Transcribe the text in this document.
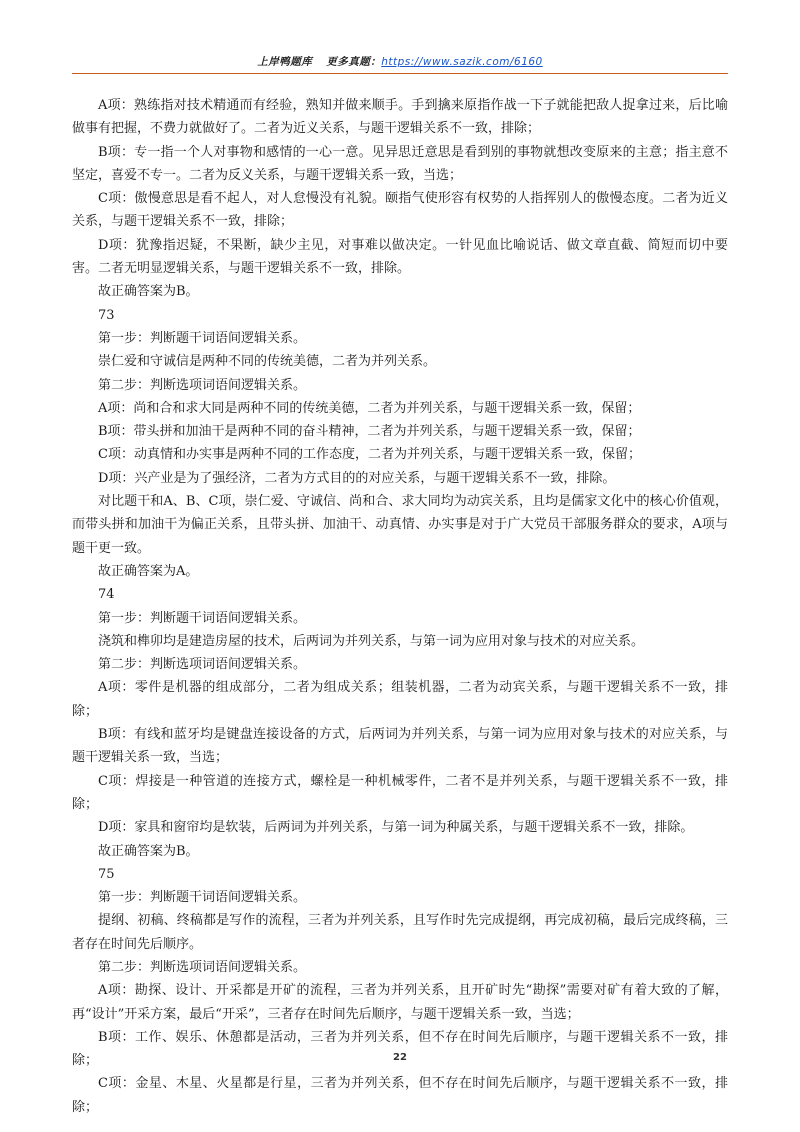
上岸鸭题库 更多真题：https://www.sazik.com/6160

A项：熟练指对技术精通而有经验，熟知并做来顺手。手到擒来原指作战一下子就能把敌人捉拿过来，后比喻做事有把握，不费力就做好了。二者为近义关系，与题干逻辑关系不一致，排除；

B项：专一指一个人对事物和感情的一心一意。见异思迁意思是看到别的事物就想改变原来的主意；指主意不坚定，喜爱不专一。二者为反义关系，与题干逻辑关系一致，当选；

C项：傲慢意思是看不起人，对人怠慢没有礼貌。颐指气使形容有权势的人指挥别人的傲慢态度。二者为近义关系，与题干逻辑关系不一致，排除；

D项：犹豫指迟疑，不果断，缺少主见，对事难以做决定。一针见血比喻说话、做文章直截、简短而切中要害。二者无明显逻辑关系，与题干逻辑关系不一致，排除。

故正确答案为B。

73

第一步：判断题干词语间逻辑关系。

崇仁爱和守诚信是两种不同的传统美德，二者为并列关系。

第二步：判断选项词语间逻辑关系。

A项：尚和合和求大同是两种不同的传统美德，二者为并列关系，与题干逻辑关系一致，保留；

B项：带头拼和加油干是两种不同的奋斗精神，二者为并列关系，与题干逻辑关系一致，保留；

C项：动真情和办实事是两种不同的工作态度，二者为并列关系，与题干逻辑关系一致，保留；

D项：兴产业是为了强经济，二者为方式目的的对应关系，与题干逻辑关系不一致，排除。

对比题干和A、B、C项，崇仁爱、守诚信、尚和合、求大同均为动宾关系，且均是儒家文化中的核心价值观，而带头拼和加油干为偏正关系，且带头拼、加油干、动真情、办实事是对于广大党员干部服务群众的要求，A项与题干更一致。

故正确答案为A。

74

第一步：判断题干词语间逻辑关系。

浇筑和榫卯均是建造房屋的技术，后两词为并列关系，与第一词为应用对象与技术的对应关系。

第二步：判断选项词语间逻辑关系。

A项：零件是机器的组成部分，二者为组成关系；组装机器，二者为动宾关系，与题干逻辑关系不一致，排除；

B项：有线和蓝牙均是键盘连接设备的方式，后两词为并列关系，与第一词为应用对象与技术的对应关系，与题干逻辑关系一致，当选；

C项：焊接是一种管道的连接方式，螺栓是一种机械零件，二者不是并列关系，与题干逻辑关系不一致，排除；

D项：家具和窗帘均是软装，后两词为并列关系，与第一词为种属关系，与题干逻辑关系不一致，排除。

故正确答案为B。

75

第一步：判断题干词语间逻辑关系。

提纲、初稿、终稿都是写作的流程，三者为并列关系，且写作时先完成提纲，再完成初稿，最后完成终稿，三者存在时间先后顺序。

第二步：判断选项词语间逻辑关系。

A项：勘探、设计、开采都是开矿的流程，三者为并列关系，且开矿时先“勘探”需要对矿有着大致的了解，再“设计”开采方案，最后“开采”，三者存在时间先后顺序，与题干逻辑关系一致，当选；

B项：工作、娱乐、休憩都是活动，三者为并列关系，但不存在时间先后顺序，与题干逻辑关系不一致，排除；

C项：金星、木星、火星都是行星，三者为并列关系，但不存在时间先后顺序，与题干逻辑关系不一致，排除；

22
